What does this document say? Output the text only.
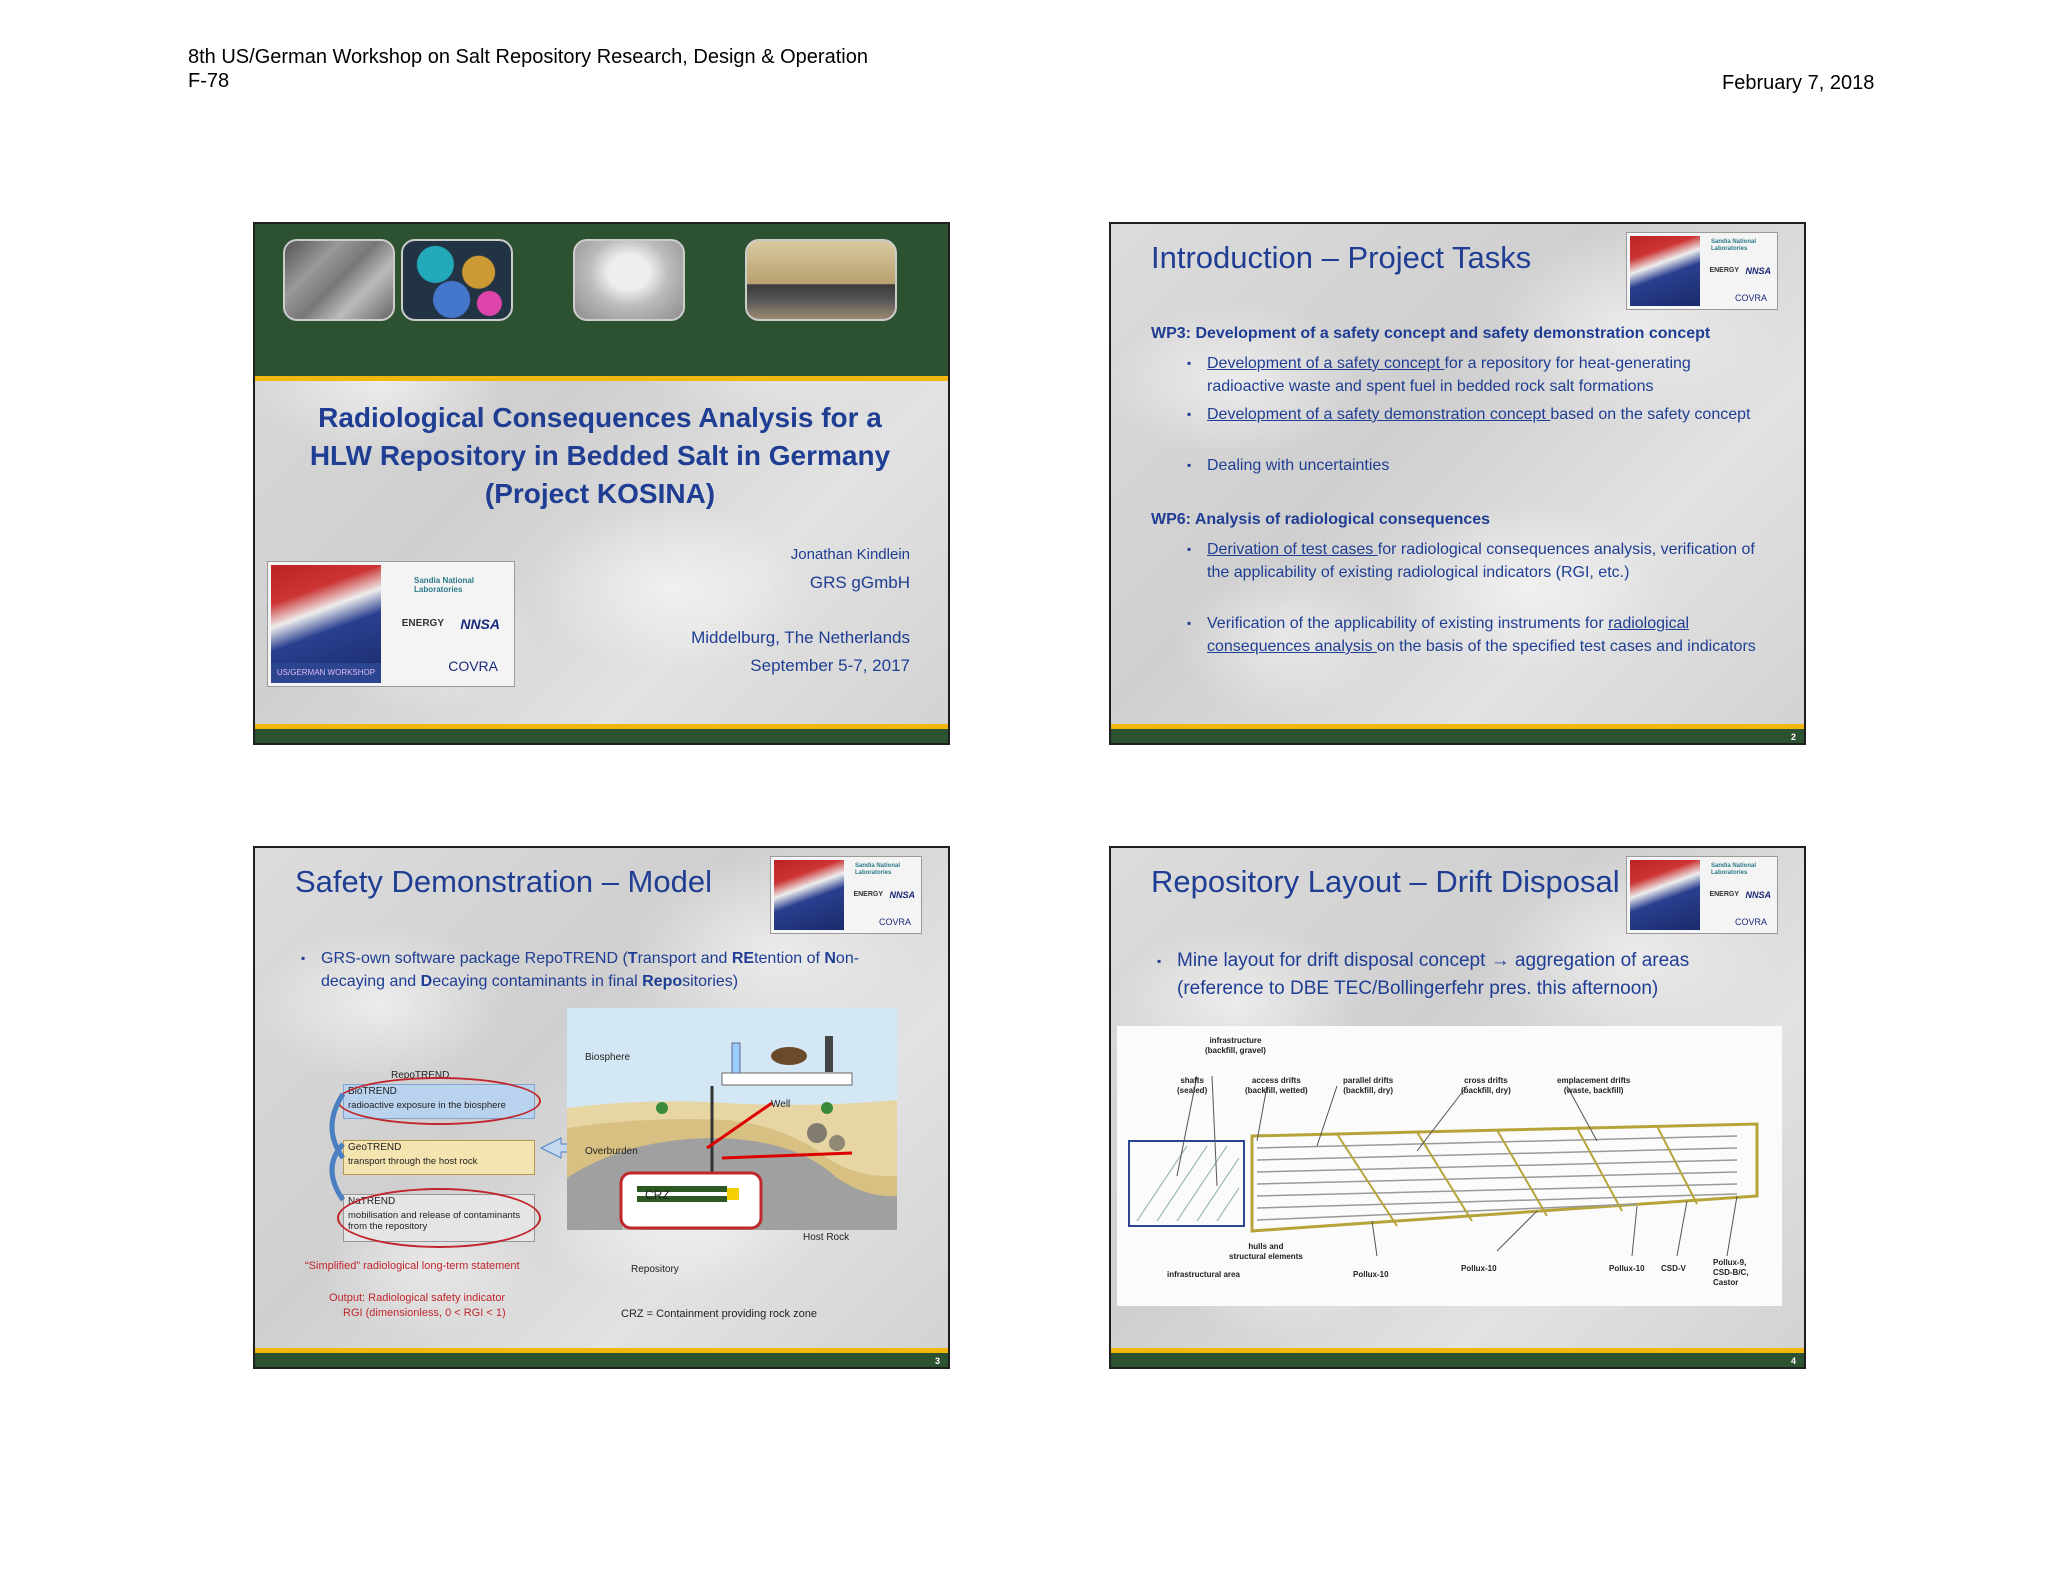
8th US/German Workshop on Salt Repository Research, Design & Operation
F-78	February 7, 2018
Radiological Consequences Analysis for a
HLW Repository in Bedded Salt in Germany
(Project KOSINA)
US/GERMAN WORKSHOP
Sandia National Laboratories
ENERGY NNSA
COVRA
Jonathan Kindlein
GRS gGmbH
Middelburg, The Netherlands
September 5-7, 2017
Introduction – Project Tasks	Sandia National Laboratories
ENERGY NNSA
COVRA
WP3: Development of a safety concept and safety demonstration concept
▪ Development of a safety concept for a repository for heat-generating radioactive waste and spent fuel in bedded rock salt formations
▪ Development of a safety demonstration concept based on the safety concept
▪ Dealing with uncertainties
WP6: Analysis of radiological consequences
▪ Derivation of test cases for radiological consequences analysis, verification of the applicability of existing radiological indicators (RGI, etc.)
▪ Verification of the applicability of existing instruments for radiological consequences analysis on the basis of the specified test cases and indicators
2
Safety Demonstration – Model	Sandia National Laboratories
ENERGY NNSA
COVRA
▪ GRS-own software package RepoTREND (Transport and REtention of Non-decaying and Decaying contaminants in final Repositories)
RepoTREND
BioTREND
radioactive exposure in the biosphere
GeoTREND
transport through the host rock
NaTREND
mobilisation and release of contaminants from the repository
“Simplified” radiological long-term statement
Output: Radiological safety indicator
RGI (dimensionless, 0 < RGI < 1)
Biosphere
Well
Overburden
CRZ
Host Rock
Repository
CRZ = Containment providing rock zone
3
Repository Layout – Drift Disposal	Sandia National Laboratories
ENERGY NNSA
COVRA
▪ Mine layout for drift disposal concept → aggregation of areas
(reference to DBE TEC/Bollingerfehr pres. this afternoon)
infrastructure
(backfill, gravel)
shafts
(sealed)
access drifts
(backfill, wetted)
parallel drifts
(backfill, dry)
cross drifts
(backfill, dry)
emplacement drifts
(waste, backfill)
hulls and
structural elements
infrastructural area	Pollux-10
Pollux-10	Pollux-10 CSD-V
Pollux-9,
CSD-B/C,
Castor
4
